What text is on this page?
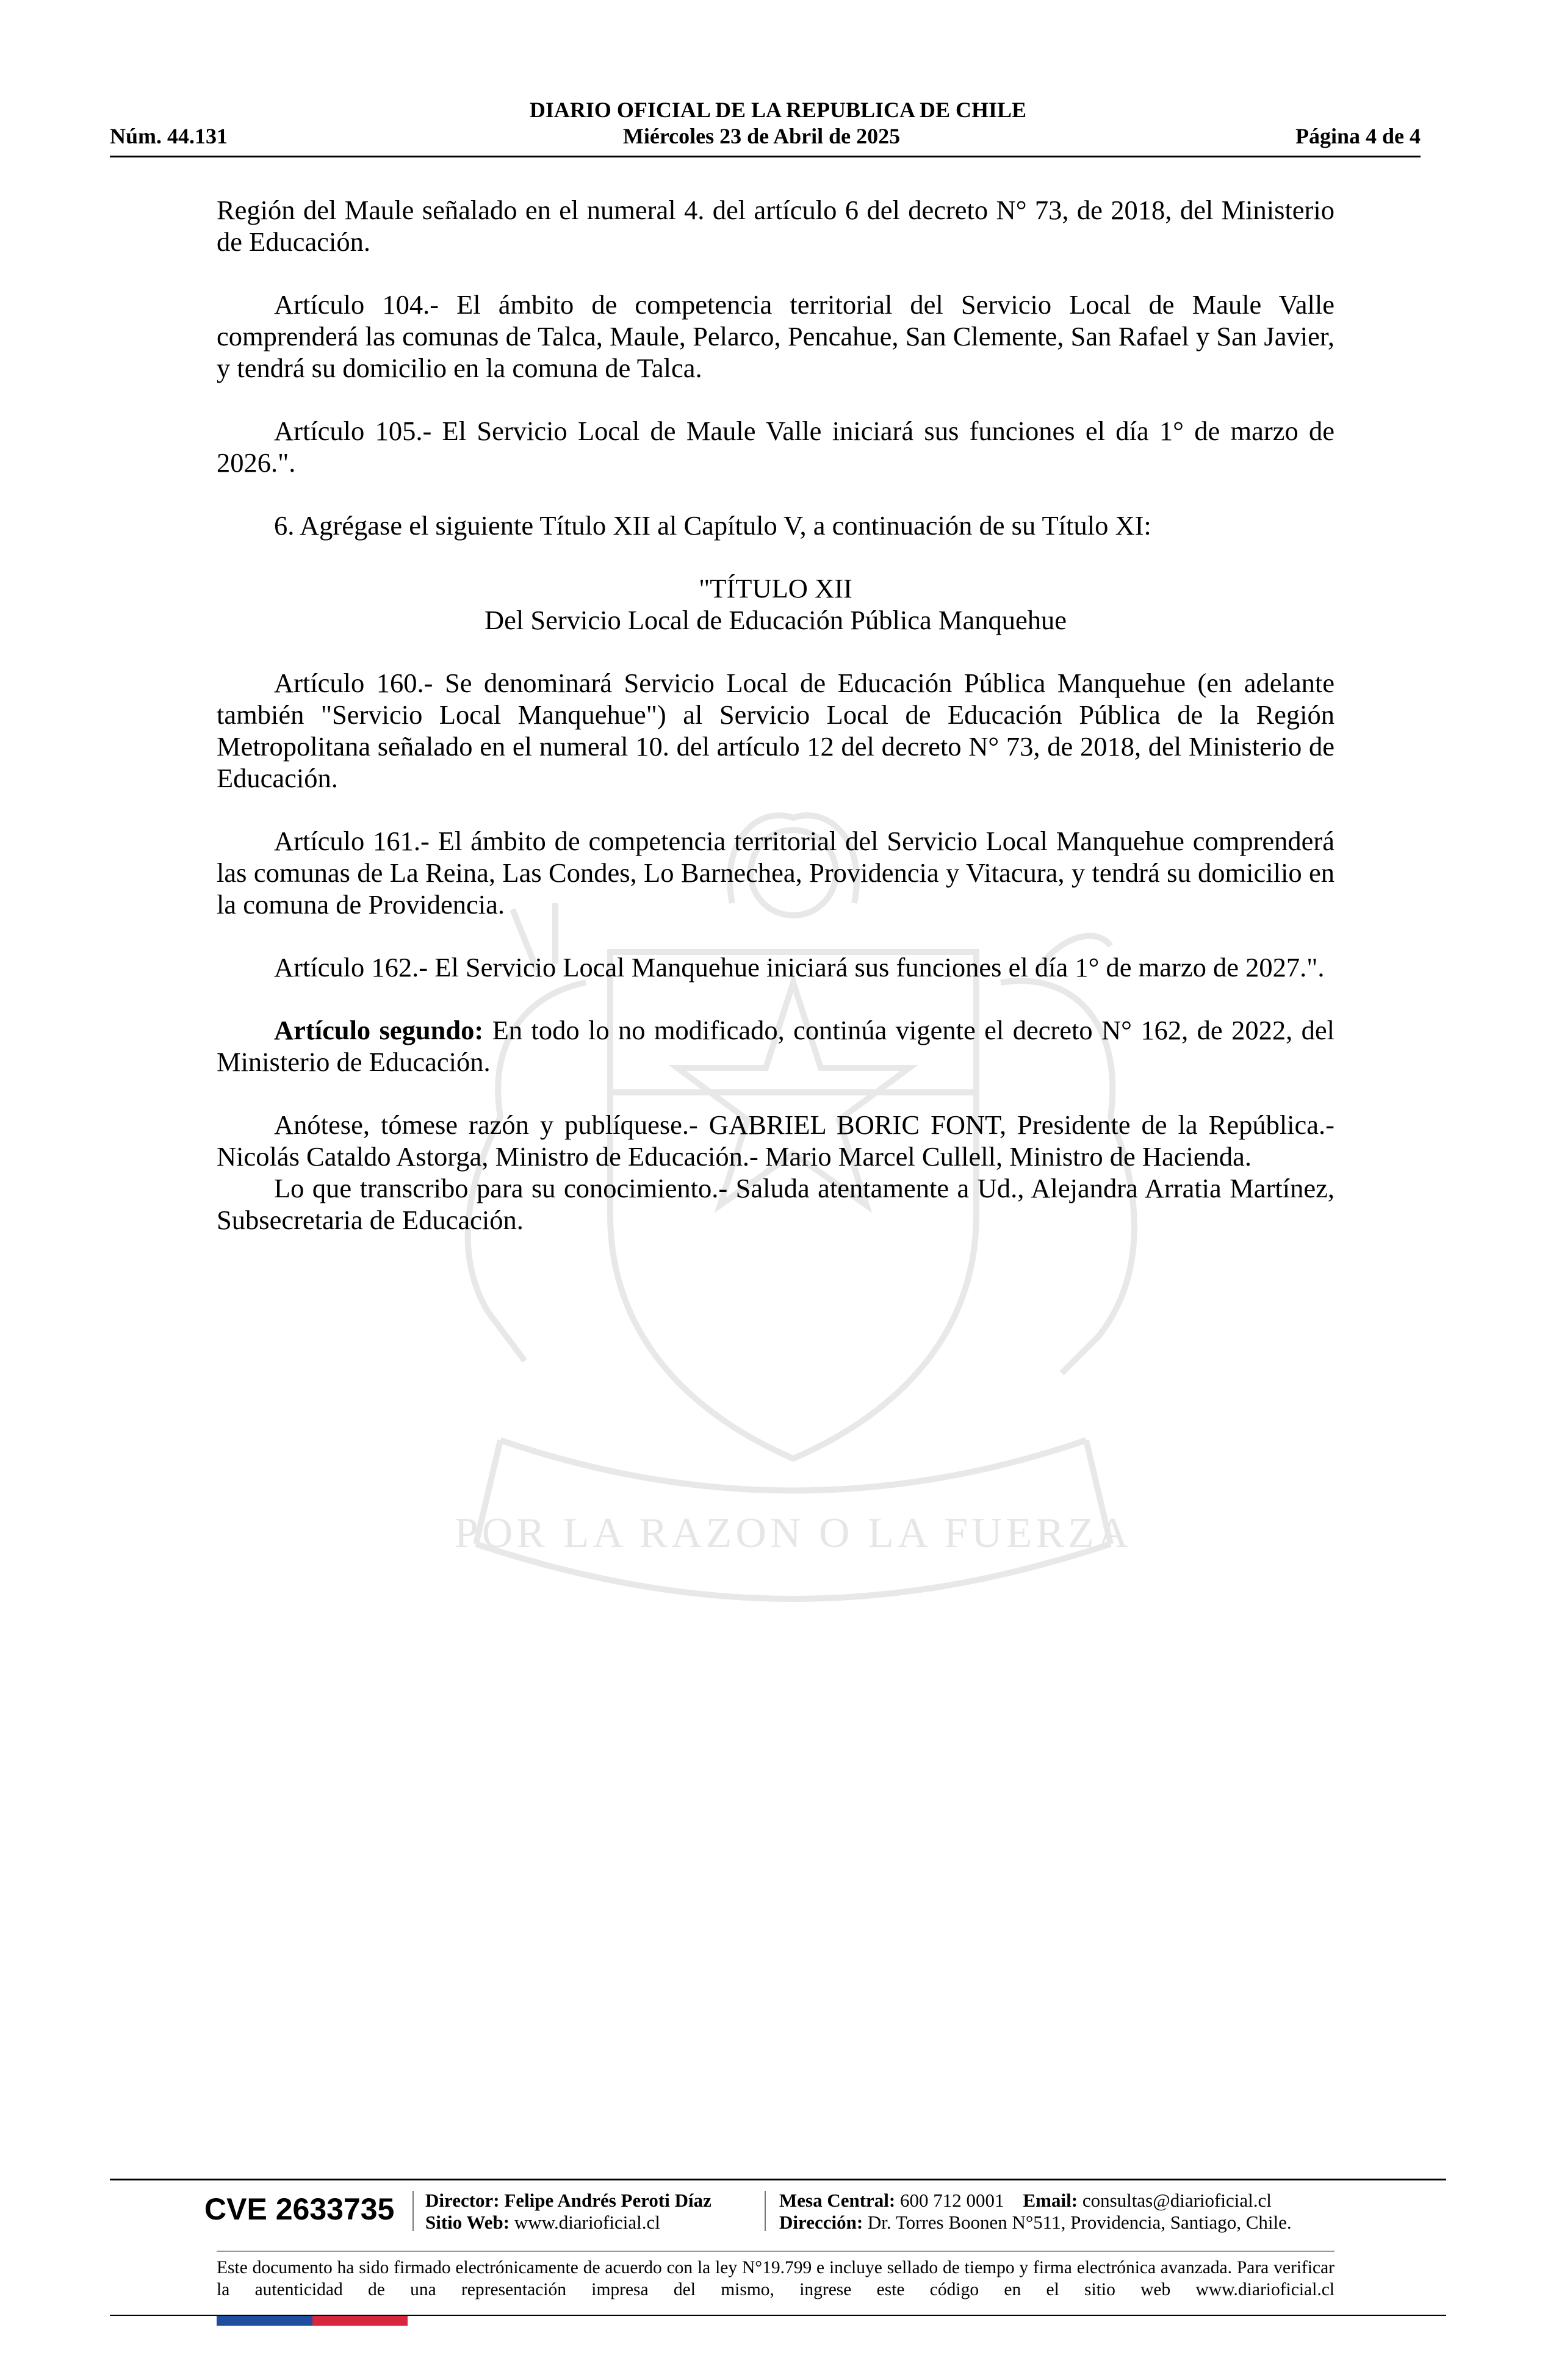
DIARIO OFICIAL DE LA REPUBLICA DE CHILE
Núm. 44.131	Miércoles 23 de Abril de 2025	Página 4 de 4
POR LA RAZON O LA FUERZA

Región del Maule señalado en el numeral 4. del artículo 6 del decreto N° 73, de 2018, del Ministerio de Educación.

Artículo 104.- El ámbito de competencia territorial del Servicio Local de Maule Valle comprenderá las comunas de Talca, Maule, Pelarco, Pencahue, San Clemente, San Rafael y San Javier, y tendrá su domicilio en la comuna de Talca.

Artículo 105.- El Servicio Local de Maule Valle iniciará sus funciones el día 1° de marzo de 2026.".

6. Agrégase el siguiente Título XII al Capítulo V, a continuación de su Título XI:

"TÍTULO XII
Del Servicio Local de Educación Pública Manquehue

Artículo 160.- Se denominará Servicio Local de Educación Pública Manquehue (en adelante también "Servicio Local Manquehue") al Servicio Local de Educación Pública de la Región Metropolitana señalado en el numeral 10. del artículo 12 del decreto N° 73, de 2018, del Ministerio de Educación.

Artículo 161.- El ámbito de competencia territorial del Servicio Local Manquehue comprenderá las comunas de La Reina, Las Condes, Lo Barnechea, Providencia y Vitacura, y tendrá su domicilio en la comuna de Providencia.

Artículo 162.- El Servicio Local Manquehue iniciará sus funciones el día 1° de marzo de 2027.".

Artículo segundo: En todo lo no modificado, continúa vigente el decreto N° 162, de 2022, del Ministerio de Educación.

Anótese, tómese razón y publíquese.- GABRIEL BORIC FONT, Presidente de la República.- Nicolás Cataldo Astorga, Ministro de Educación.- Mario Marcel Cullell, Ministro de Hacienda.

Lo que transcribo para su conocimiento.- Saluda atentamente a Ud., Alejandra Arratia Martínez, Subsecretaria de Educación.

CVE 2633735 Director: Felipe Andrés Peroti Díaz
Sitio Web: www.diarioficial.cl
Mesa Central: 600 712 0001 Email: consultas@diarioficial.cl
Dirección: Dr. Torres Boonen N°511, Providencia, Santiago, Chile.
Este documento ha sido firmado electrónicamente de acuerdo con la ley N°19.799 e incluye sellado de tiempo y firma electrónica avanzada. Para verificar la autenticidad de una representación impresa del mismo, ingrese este código en el sitio web www.diarioficial.cl
